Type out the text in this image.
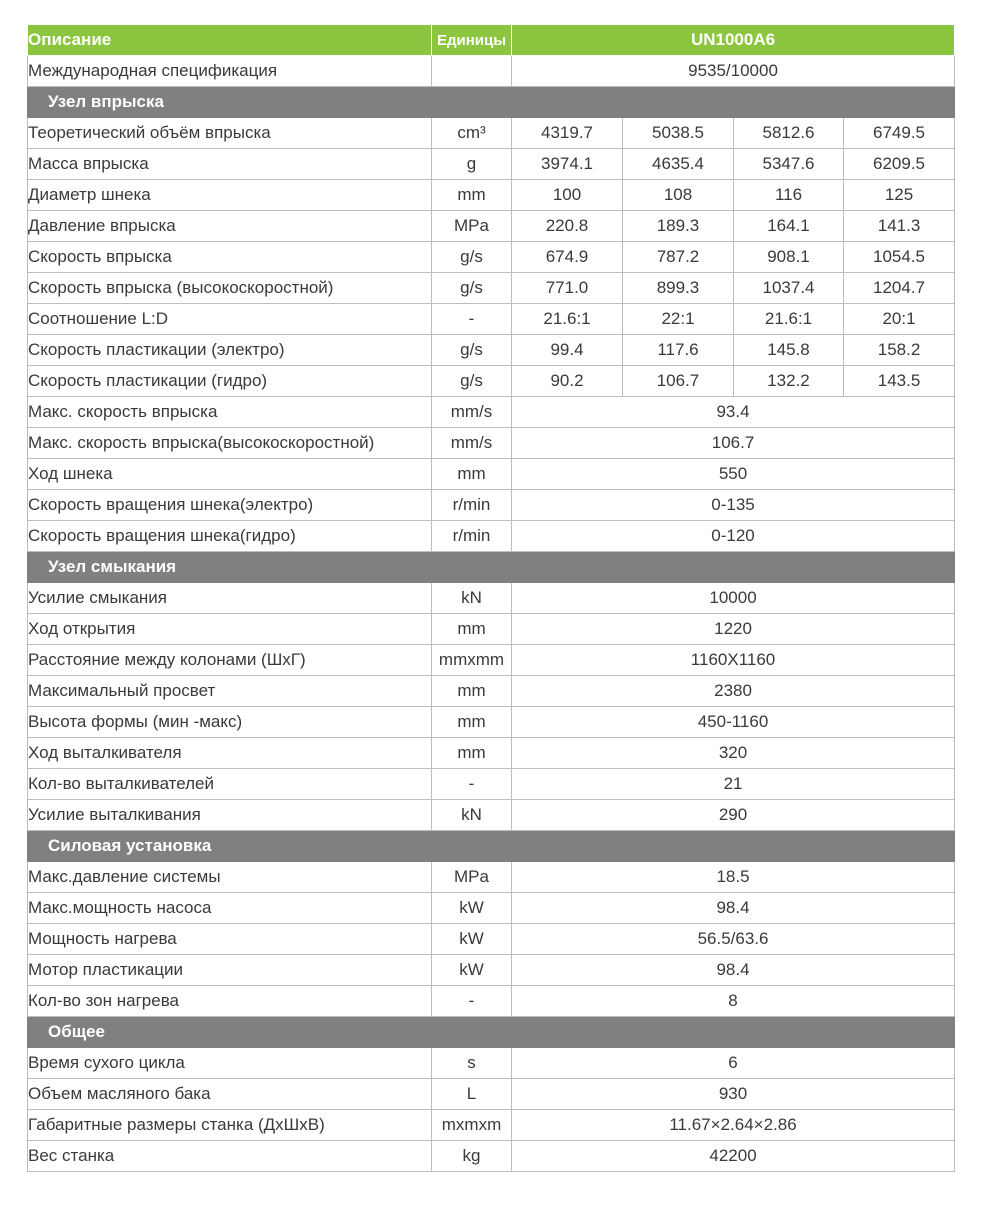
Описание	Единицы	UN1000A6			
Международная спецификация		9535/10000			
Узел впрыска					
Теоретический объём впрыска	cm³	4319.7	5038.5	5812.6	6749.5
Масса впрыска	g	3974.1	4635.4	5347.6	6209.5
Диаметр шнека	mm	100	108	116	125
Давление впрыска	MPa	220.8	189.3	164.1	141.3
Скорость впрыска	g/s	674.9	787.2	908.1	1054.5
Скорость впрыска (высокоскоростной)	g/s	771.0	899.3	1037.4	1204.7
Соотношение L:D	-	21.6:1	22:1	21.6:1	20:1
Скорость пластикации (электро)	g/s	99.4	117.6	145.8	158.2
Скорость пластикации (гидро)	g/s	90.2	106.7	132.2	143.5
Макс. скорость впрыска	mm/s	93.4			
Макс. скорость впрыска(высокоскоростной)	mm/s	106.7			
Ход шнека	mm	550			
Скорость вращения шнека(электро)	r/min	0-135			
Скорость вращения шнека(гидро)	r/min	0-120			
Узел смыкания					
Усилие смыкания	kN	10000			
Ход открытия	mm	1220			
Расстояние между колонами (ШxГ)	mmxmm	1160X1160			
Максимальный просвет	mm	2380			
Высота формы (мин -макс)	mm	450-1160			
Ход выталкивателя	mm	320			
Кол-во выталкивателей	-	21			
Усилие выталкивания	kN	290			
Силовая установка					
Макс.давление системы	MPa	18.5			
Макс.мощность насоса	kW	98.4			
Мощность нагрева	kW	56.5/63.6			
Мотор пластикации	kW	98.4			
Кол-во зон нагрева	-	8			
Общее					
Время сухого цикла	s	6			
Объем масляного бака	L	930			
Габаритные размеры станка (ДxШxВ)	mxmxm	11.67×2.64×2.86			
Вес станка	kg	42200			
